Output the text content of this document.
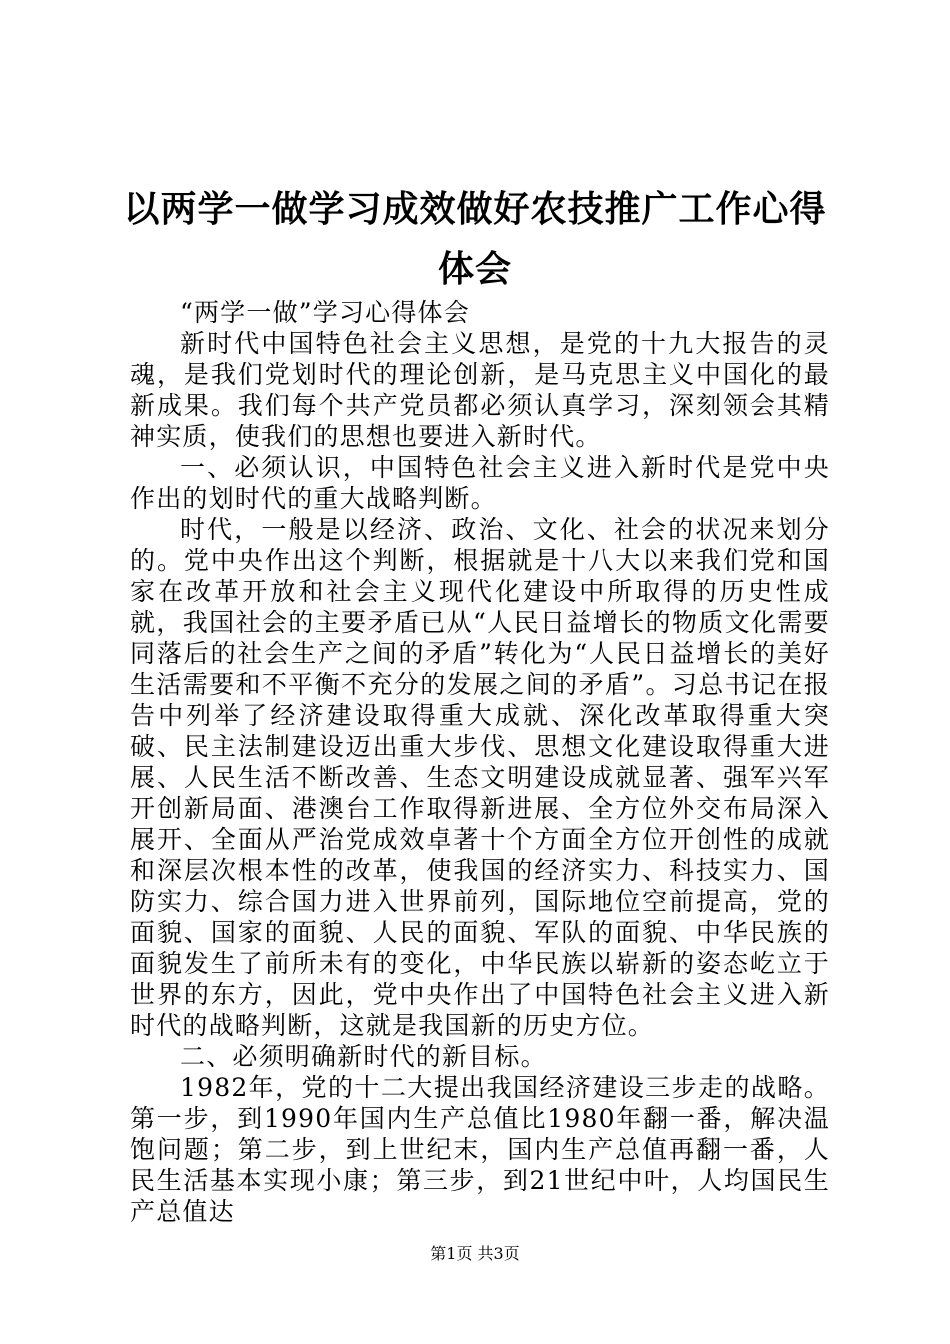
以两学一做学习成效做好农技推广工作心得体会

“两学一做”学习心得体会

新时代中国特色社会主义思想，是党的十九大报告的灵魂，是我们党划时代的理论创新，是马克思主义中国化的最新成果。我们每个共产党员都必须认真学习，深刻领会其精神实质，使我们的思想也要进入新时代。

一、必须认识，中国特色社会主义进入新时代是党中央作出的划时代的重大战略判断。

时代，一般是以经济、政治、文化、社会的状况来划分的。党中央作出这个判断，根据就是十八大以来我们党和国家在改革开放和社会主义现代化建设中所取得的历史性成就，我国社会的主要矛盾已从“人民日益增长的物质文化需要同落后的社会生产之间的矛盾”转化为“人民日益增长的美好生活需要和不平衡不充分的发展之间的矛盾”。习总书记在报告中列举了经济建设取得重大成就、深化改革取得重大突破、民主法制建设迈出重大步伐、思想文化建设取得重大进展、人民生活不断改善、生态文明建设成就显著、强军兴军开创新局面、港澳台工作取得新进展、全方位外交布局深入展开、全面从严治党成效卓著十个方面全方位开创性的成就和深层次根本性的改革，使我国的经济实力、科技实力、国防实力、综合国力进入世界前列，国际地位空前提高，党的面貌、国家的面貌、人民的面貌、军队的面貌、中华民族的面貌发生了前所未有的变化，中华民族以崭新的姿态屹立于世界的东方，因此，党中央作出了中国特色社会主义进入新时代的战略判断，这就是我国新的历史方位。

二、必须明确新时代的新目标。

1982年，党的十二大提出我国经济建设三步走的战略。第一步，到1990年国内生产总值比1980年翻一番，解决温饱问题；第二步，到上世纪末，国内生产总值再翻一番，人民生活基本实现小康；第三步，到21世纪中叶，人均国民生产总值达

第1页 共3页
